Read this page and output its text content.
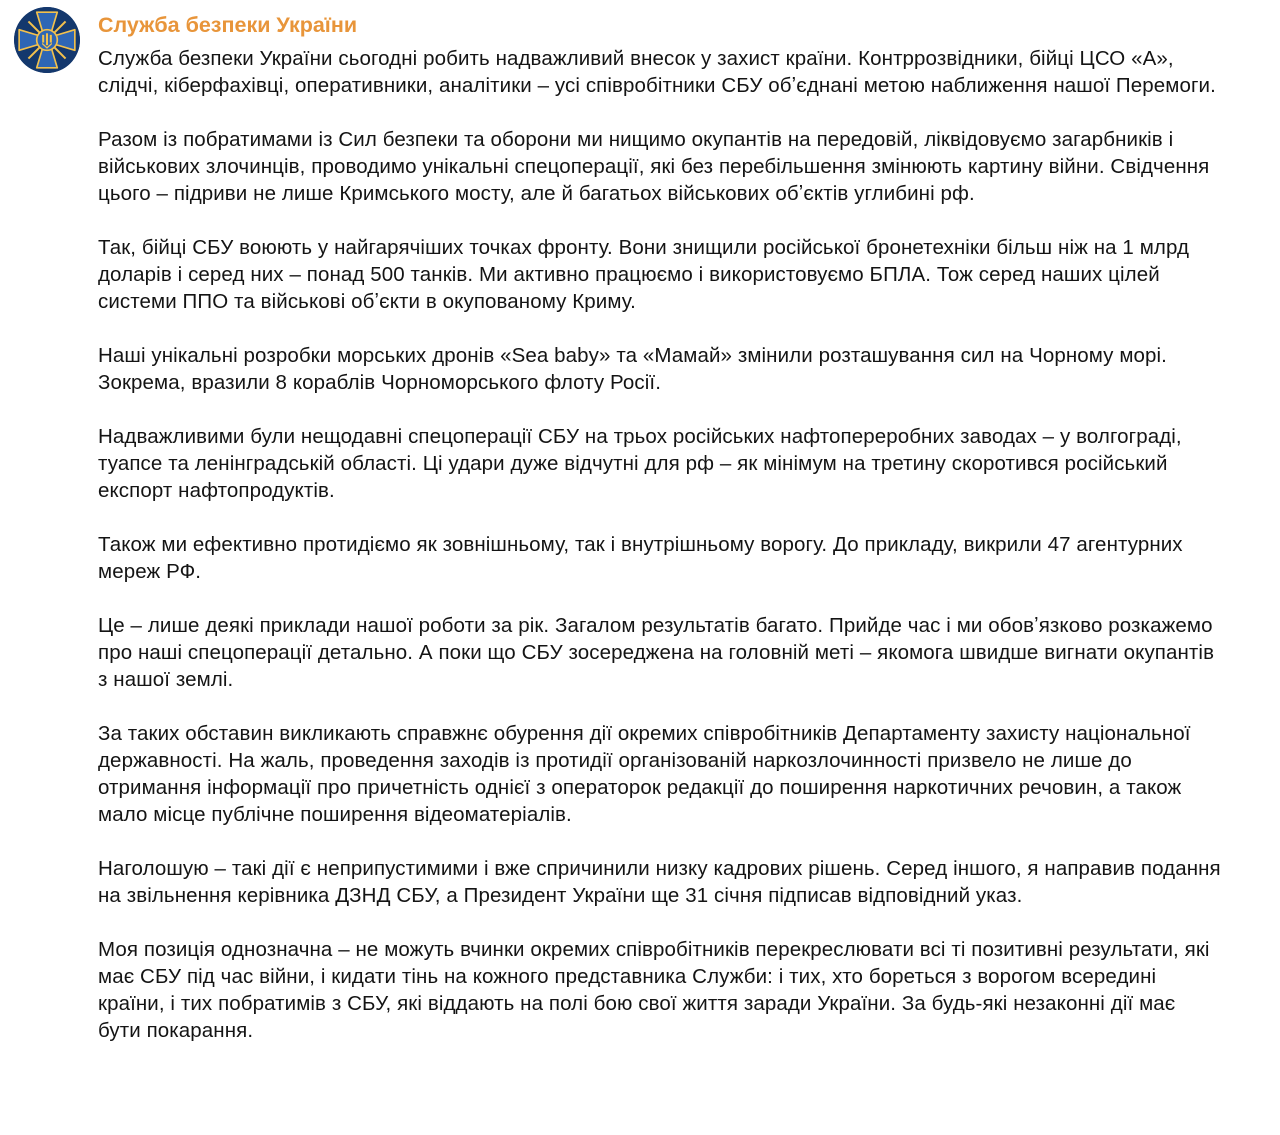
Служба безпеки України

Служба безпеки України сьогодні робить надважливий внесок у захист країни. Контррозвідники, бійці ЦСО «А», слідчі, кіберфахівці, оперативники, аналітики – усі співробітники СБУ обʼєднані метою наближення нашої Перемоги.

Разом із побратимами із Сил безпеки та оборони ми нищимо окупантів на передовій, ліквідовуємо загарбників і військових злочинців, проводимо унікальні спецоперації, які без перебільшення змінюють картину війни. Свідчення цього – підриви не лише Кримського мосту, але й багатьох військових обʼєктів углибині рф.

Так, бійці СБУ воюють у найгарячіших точках фронту. Вони знищили російської бронетехніки більш ніж на 1 млрд доларів і серед них – понад 500 танків. Ми активно працюємо і використовуємо БПЛА. Тож серед наших цілей системи ППО та військові обʼєкти в окупованому Криму.

Наші унікальні розробки морських дронів «Sea baby» та «Мамай» змінили розташування сил на Чорному морі. Зокрема, вразили 8 кораблів Чорноморського флоту Росії.

Надважливими були нещодавні спецоперації СБУ на трьох російських нафтопереробних заводах – у волгограді, туапсе та ленінградській області. Ці удари дуже відчутні для рф – як мінімум на третину скоротився російський експорт нафтопродуктів.

Також ми ефективно протидіємо як зовнішньому, так і внутрішньому ворогу. До прикладу, викрили 47 агентурних мереж РФ.

Це – лише деякі приклади нашої роботи за рік. Загалом результатів багато. Прийде час і ми обовʼязково розкажемо про наші спецоперації детально. А поки що СБУ зосереджена на головній меті – якомога швидше вигнати окупантів з нашої землі.

За таких обставин викликають справжнє обурення дії окремих співробітників Департаменту захисту національної державності. На жаль, проведення заходів із протидії організованій наркозлочинності призвело не лише до отримання інформації про причетність однієї з операторок редакції до поширення наркотичних речовин, а також мало місце публічне поширення відеоматеріалів.

Наголошую – такі дії є неприпустимими і вже спричинили низку кадрових рішень. Серед іншого, я направив подання на звільнення керівника ДЗНД СБУ, а Президент України ще 31 січня підписав відповідний указ.

Моя позиція однозначна – не можуть вчинки окремих співробітників перекреслювати всі ті позитивні результати, які має СБУ під час війни, і кидати тінь на кожного представника Служби: і тих, хто бореться з ворогом всередині країни, і тих побратимів з СБУ, які віддають на полі бою свої життя заради України. За будь-які незаконні дії має бути покарання.
